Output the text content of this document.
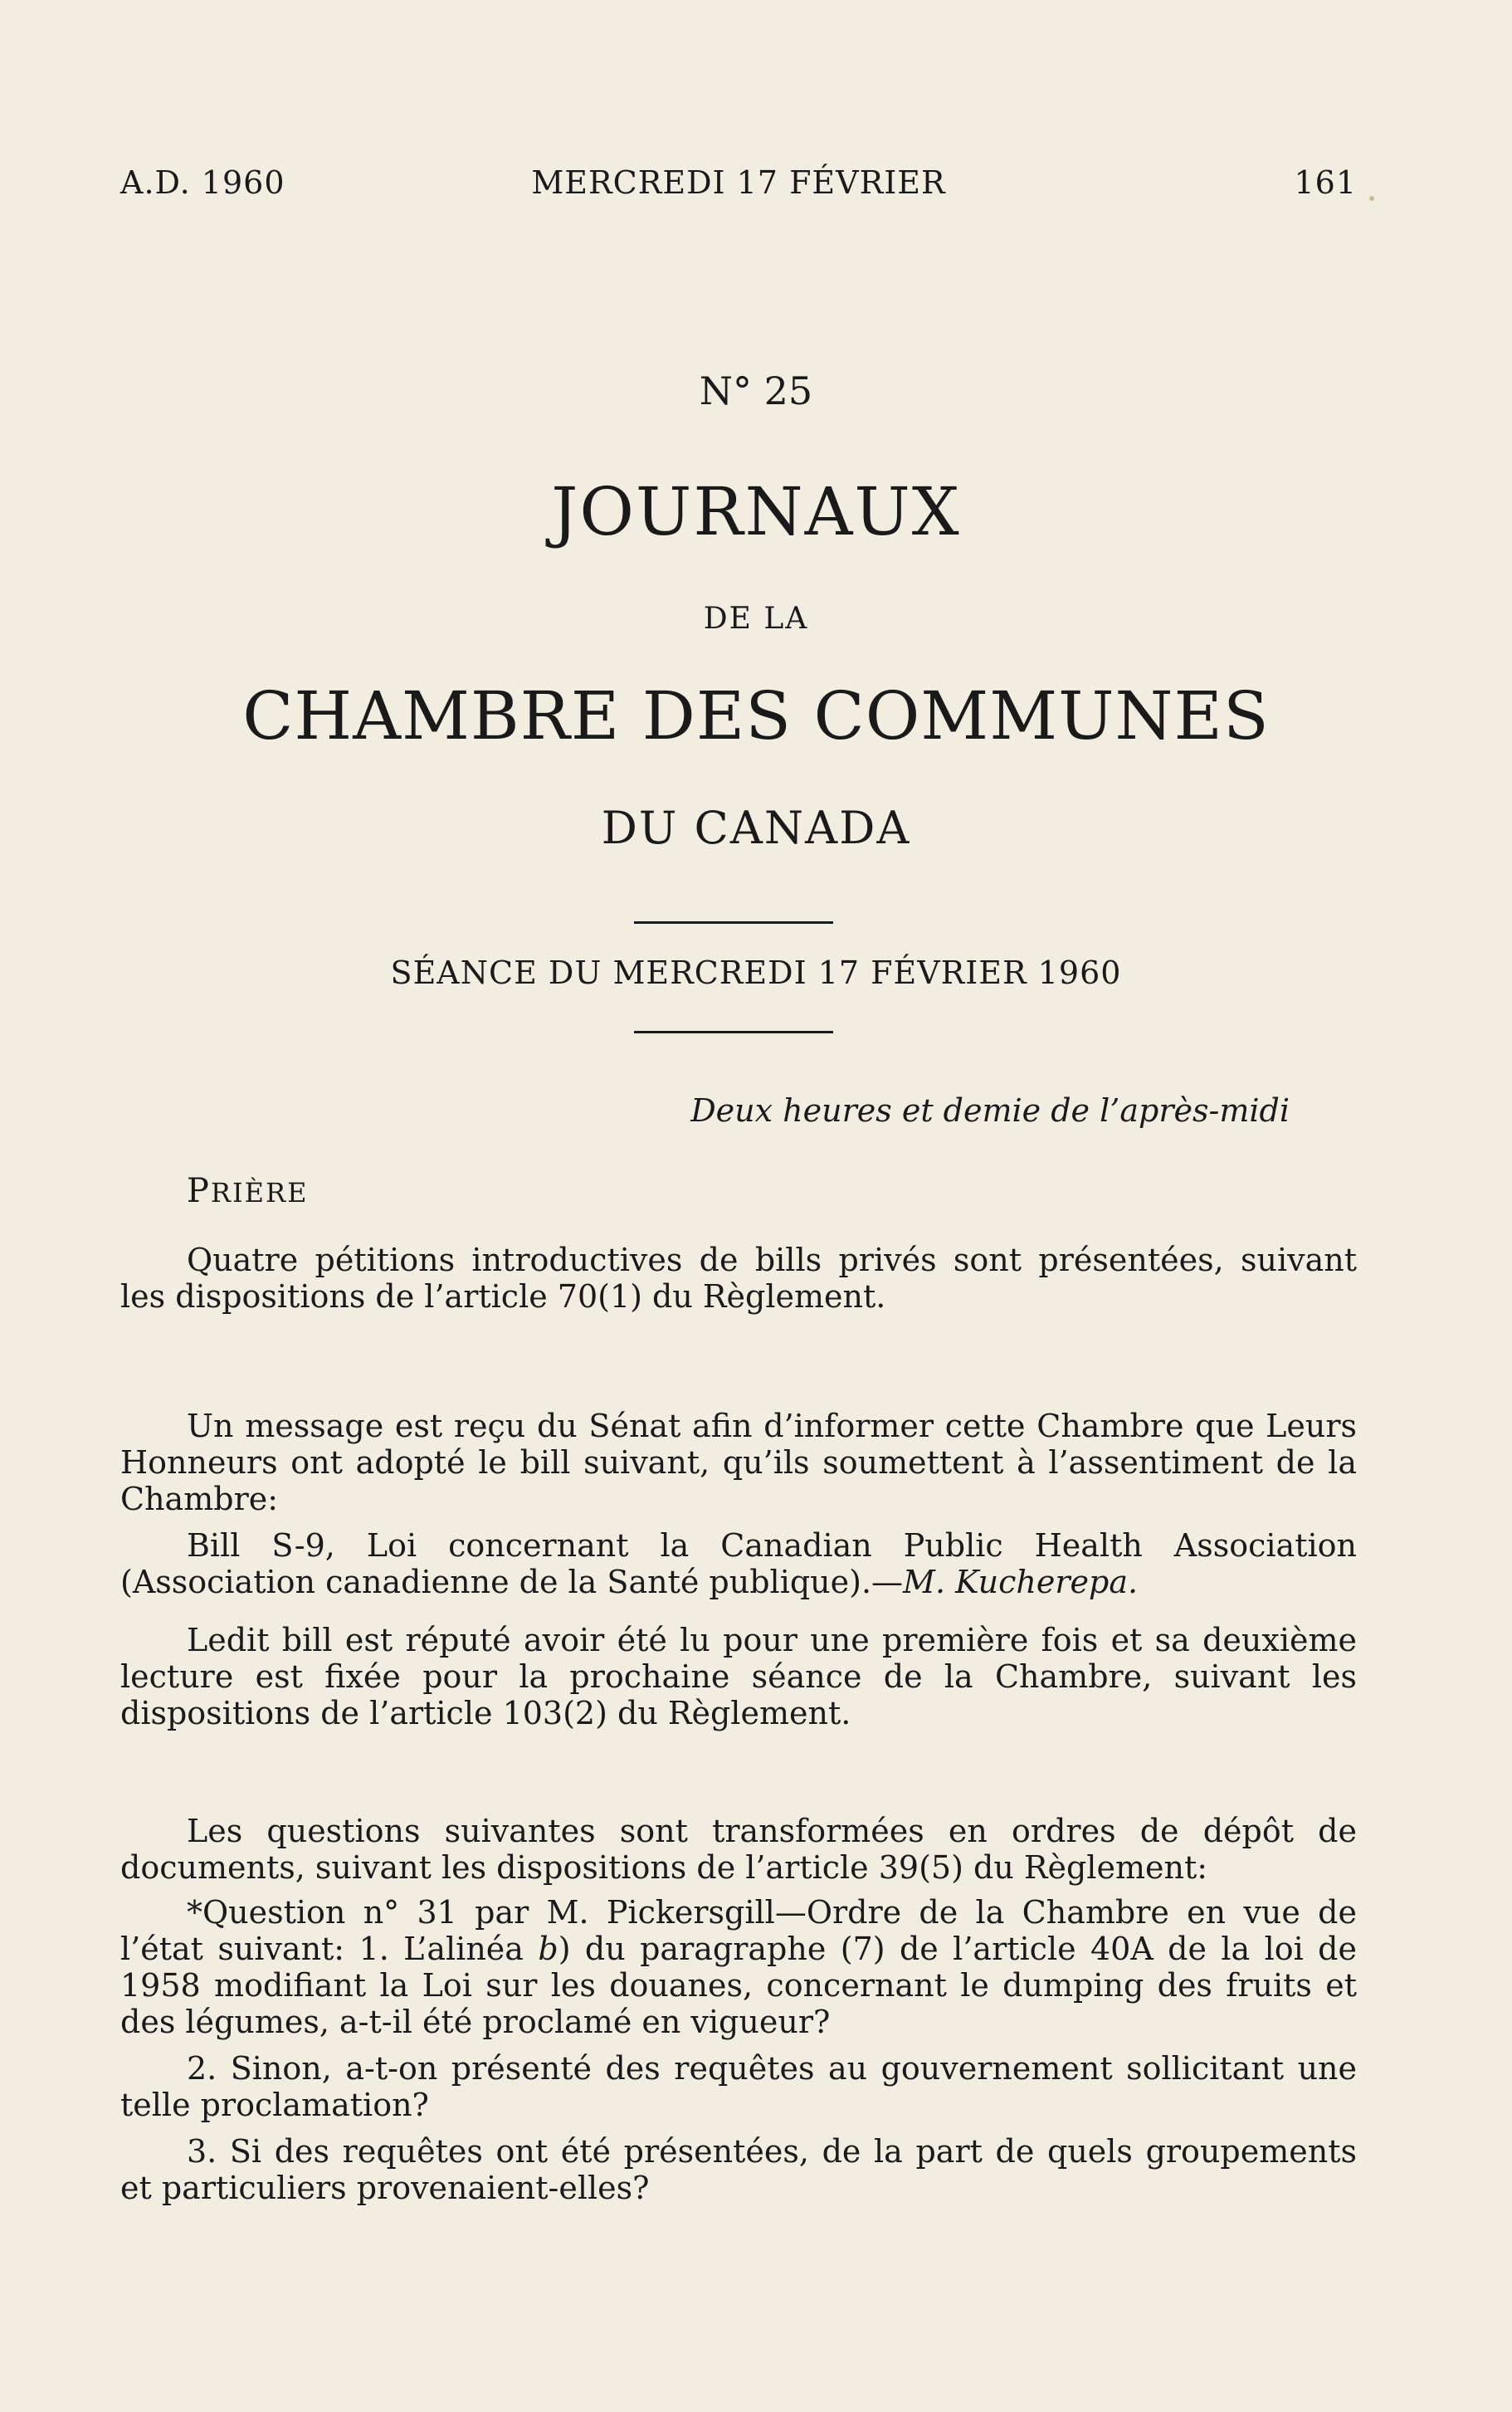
A.D. 1960	MERCREDI 17 FÉVRIER	161
N° 25
JOURNAUX
DE LA
CHAMBRE DES COMMUNES
DU CANADA
SÉANCE DU MERCREDI 17 FÉVRIER 1960
Deux heures et demie de l’après-midi
PRIÈRE

Quatre pétitions introductives de bills privés sont présentées, suivant les dispositions de l’article 70(1) du Règlement.

Un message est reçu du Sénat afin d’informer cette Chambre que Leurs Honneurs ont adopté le bill suivant, qu’ils soumettent à l’assentiment de la Chambre:

Bill S-9, Loi concernant la Canadian Public Health Association (Association canadienne de la Santé publique).—M. Kucherepa.

Ledit bill est réputé avoir été lu pour une première fois et sa deuxième lecture est fixée pour la prochaine séance de la Chambre, suivant les dispositions de l’article 103(2) du Règlement.

Les questions suivantes sont transformées en ordres de dépôt de documents, suivant les dispositions de l’article 39(5) du Règlement:

*Question n° 31 par M. Pickersgill—Ordre de la Chambre en vue de l’état suivant: 1. L’alinéa b) du paragraphe (7) de l’article 40A de la loi de 1958 modifiant la Loi sur les douanes, concernant le dumping des fruits et des légumes, a-t-il été proclamé en vigueur?

2. Sinon, a-t-on présenté des requêtes au gouvernement sollicitant une telle proclamation?

3. Si des requêtes ont été présentées, de la part de quels groupements et particuliers provenaient-elles?
